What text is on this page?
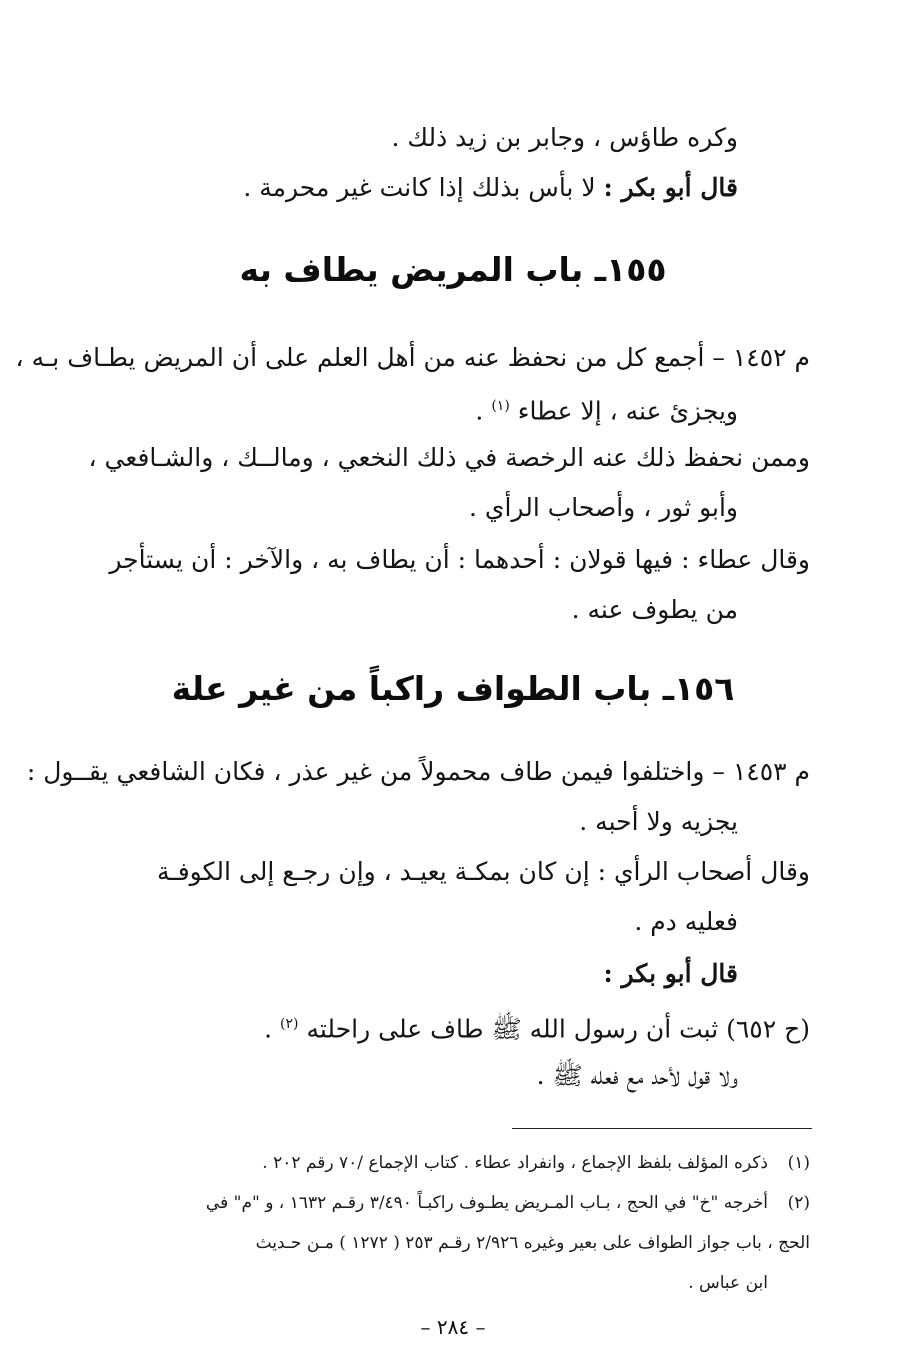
وكره طاؤس ، وجابر بن زيد ذلك .
قال أبو بكر : لا بأس بذلك إذا كانت غير محرمة .
١٥٥ـ باب المريض يطاف به
م ١٤٥٢ – أجمع كل من نحفظ عنه من أهل العلم على أن المريض يطـاف بـه ،
ويجزئ عنه ، إلا عطاء $^{(١)}$ .
وممن نحفظ ذلك عنه الرخصة في ذلك النخعي ، ومالــك ، والشـافعي ،
وأبو ثور ، وأصحاب الرأي .
وقال عطاء : فيها قولان : أحدهما : أن يطاف به ، والآخر : أن يستأجر
من يطوف عنه .
١٥٦ـ باب الطواف راكباً من غير علة
م ١٤٥٣ – واختلفوا فيمن طاف محمولاً من غير عذر ، فكان الشافعي يقــول :
يجزيه ولا أحبه .
وقال أصحاب الرأي : إن كان بمكـة يعيـد ، وإن رجـع إلى الكوفـة
فعليه دم .
قال أبو بكر :
(ح ٦٥٢) ثبت أن رسول الله ﷺ طاف على راحلته $^{(٢)}$ .
ولا قول لأحد مع فعله ﷺ .
(١)
ذكره المؤلف بلفظ الإجماع ، وانفراد عطاء . كتاب الإجماع /٧٠ رقم ٢٠٢ .
(٢)
أخرجه "خ" في الحج ، بـاب المـريض يطـوف راكبـاً ٣/٤٩٠ رقـم ١٦٣٢ ، و "م" في
الحج ، باب جواز الطواف على بعير وغيره ٢/٩٢٦ رقـم ٢٥٣ ( ١٢٧٢ ) مـن حـديث
ابن عباس .
– ٢٨٤ –
